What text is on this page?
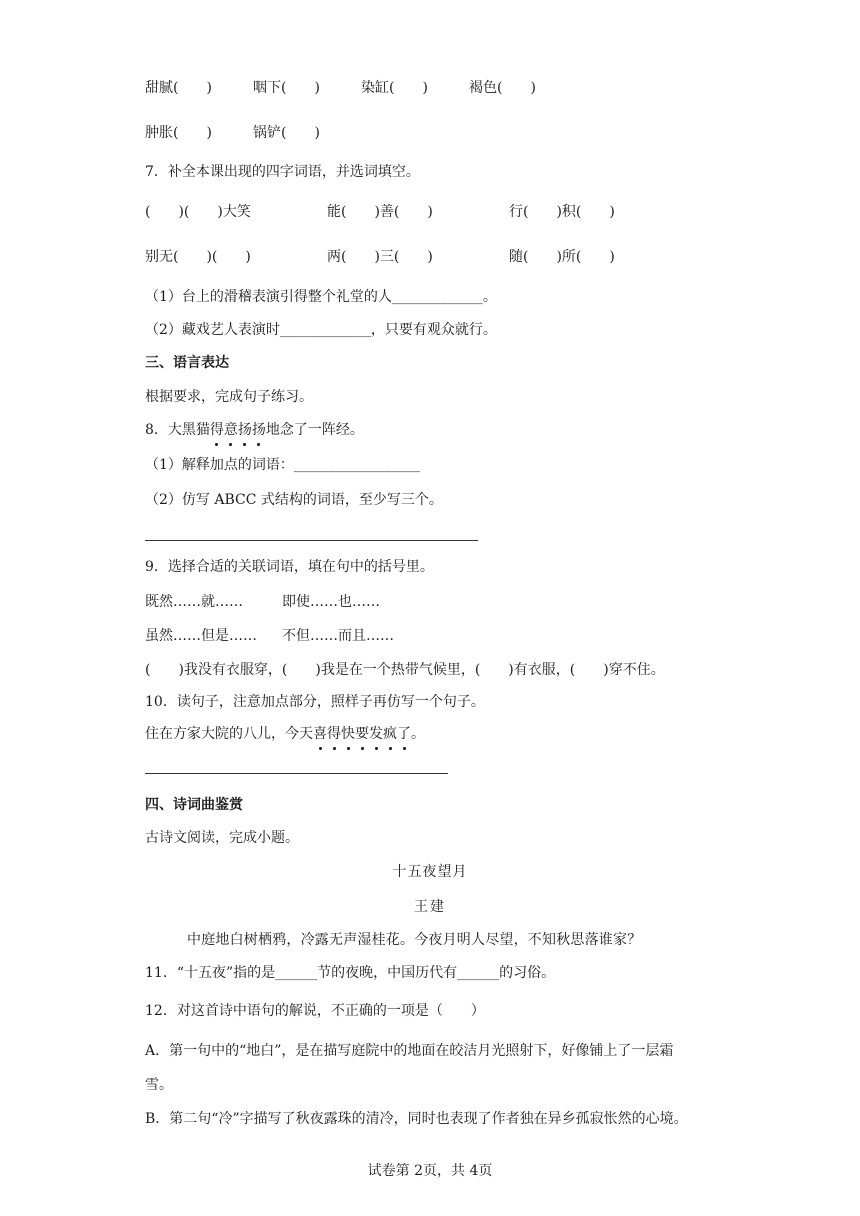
甜腻(　　)	咽下(　　)	染缸(　　)	褐色(　　)
肿胀(　　)	锅铲(　　)
7．补全本课出现的四字词语，并选词填空。
(　　)(　　)大笑	能(　　)善(　　)	行(　　)积(　　)
别无(　　)(　　)	两(　　)三(　　)	随(　　)所(　　)
（1）台上的滑稽表演引得整个礼堂的人_____________。
（2）藏戏艺人表演时_____________，只要有观众就行。
三、语言表达
根据要求，完成句子练习。
8．大黑猫得意扬扬地念了一阵经。
（1）解释加点的词语：__________________
（2）仿写 ABCC 式结构的词语，至少写三个。
9．选择合适的关联词语，填在句中的括号里。
既然……就……	即使……也……
虽然……但是…… 不但……而且……
(　　)我没有衣服穿，(　　)我是在一个热带气候里，(　　)有衣服，(　　)穿不住。
10．读句子，注意加点部分，照样子再仿写一个句子。
住在方家大院的八儿，今天喜得快要发疯了。
四、诗词曲鉴赏
古诗文阅读，完成小题。
十五夜望月
王建
中庭地白树栖鸦，冷露无声湿桂花。今夜月明人尽望，不知秋思落谁家？
11．“十五夜”指的是______节的夜晚，中国历代有______的习俗。
12．对这首诗中语句的解说，不正确的一项是（　　）
A．第一句中的“地白”，是在描写庭院中的地面在皎洁月光照射下，好像铺上了一层霜
雪。
B．第二句“冷”字描写了秋夜露珠的清冷，同时也表现了作者独在异乡孤寂怅然的心境。
试卷第 2页，共 4页
